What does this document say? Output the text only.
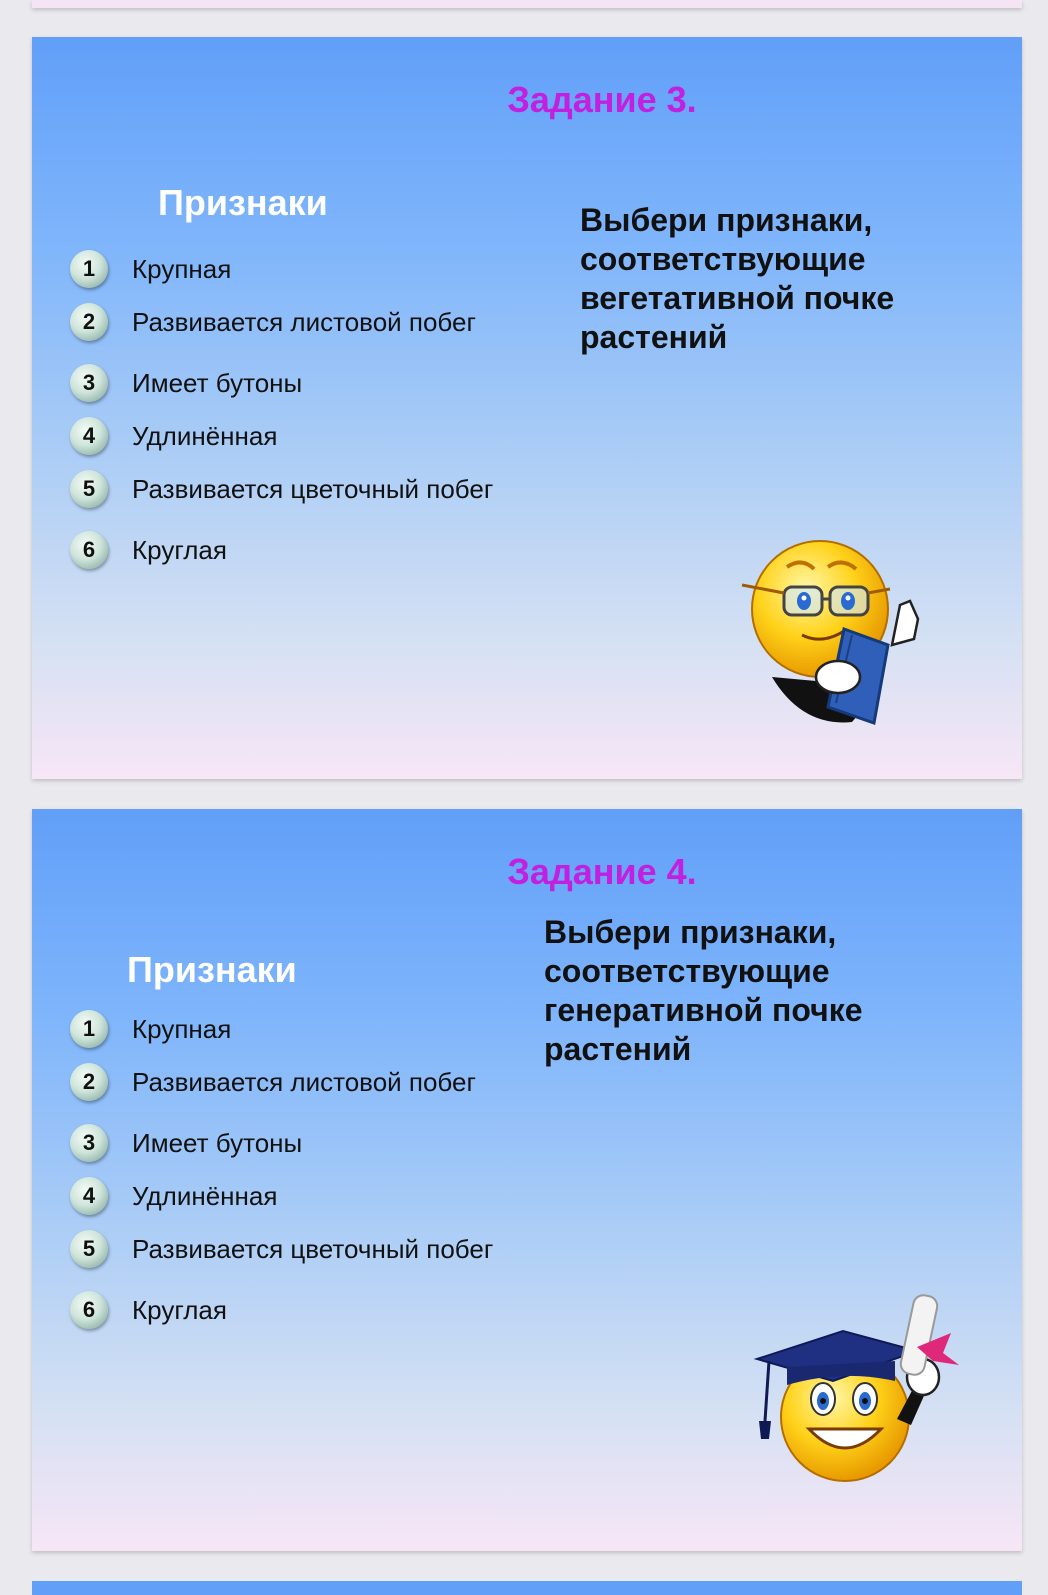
Задание 3.
Признаки
1	Крупная
2	Развивается листовой побег
3	Имеет бутоны
4	Удлинённая
5	Развивается цветочный побег
6	Круглая
Выбери признаки, соответствующие вегетативной почке растений
Задание 4.
Признаки
1	Крупная
2	Развивается листовой побег
3	Имеет бутоны
4	Удлинённая
5	Развивается цветочный побег
6	Круглая
Выбери признаки, соответствующие генеративной почке растений
